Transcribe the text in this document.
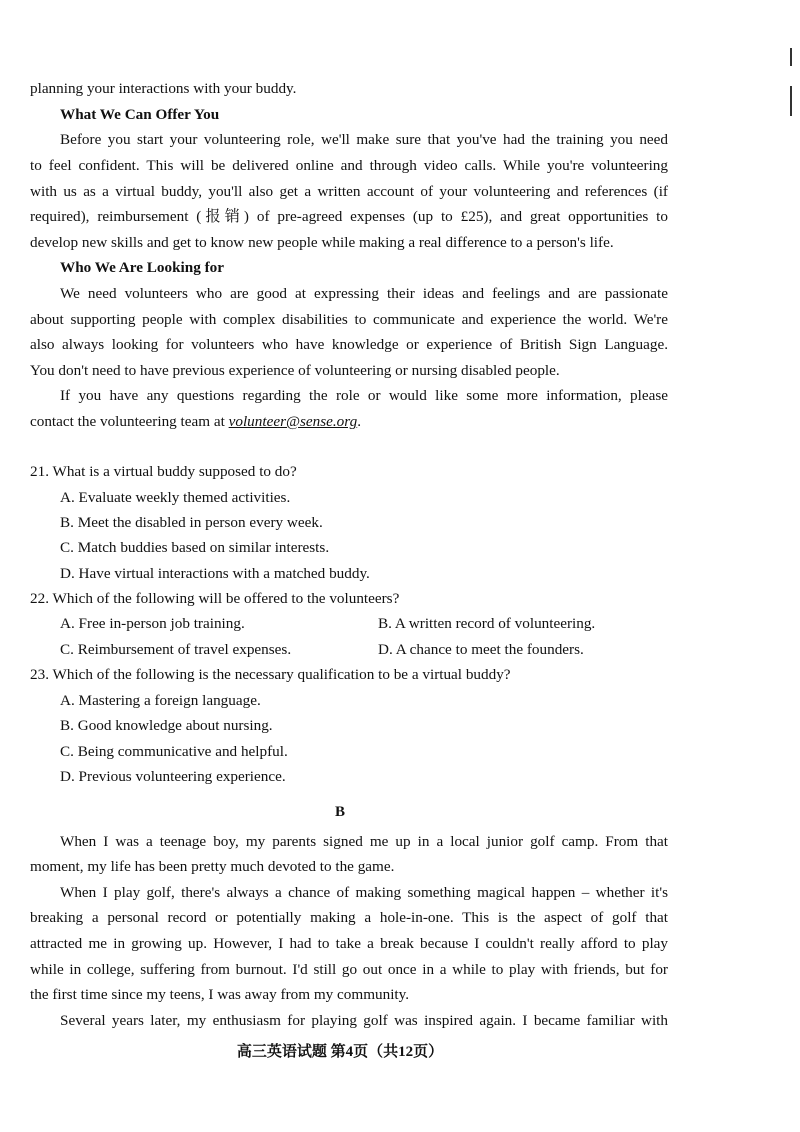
planning your interactions with your buddy.
What We Can Offer You
Before you start your volunteering role, we'll make sure that you've had the training you need
to feel confident. This will be delivered online and through video calls. While you're volunteering
with us as a virtual buddy, you'll also get a written account of your volunteering and references (if
required), reimbursement (报销) of pre-agreed expenses (up to £25), and great opportunities to
develop new skills and get to know new people while making a real difference to a person's life.
Who We Are Looking for
We need volunteers who are good at expressing their ideas and feelings and are passionate
about supporting people with complex disabilities to communicate and experience the world. We're
also always looking for volunteers who have knowledge or experience of British Sign Language.
You don't need to have previous experience of volunteering or nursing disabled people.
If you have any questions regarding the role or would like some more information, please
contact the volunteering team at volunteer@sense.org.
21. What is a virtual buddy supposed to do?
A. Evaluate weekly themed activities.
B. Meet the disabled in person every week.
C. Match buddies based on similar interests.
D. Have virtual interactions with a matched buddy.
22. Which of the following will be offered to the volunteers?
A. Free in-person job training.	B. A written record of volunteering.
C. Reimbursement of travel expenses.	D. A chance to meet the founders.
23. Which of the following is the necessary qualification to be a virtual buddy?
A. Mastering a foreign language.
B. Good knowledge about nursing.
C. Being communicative and helpful.
D. Previous volunteering experience.
B
When I was a teenage boy, my parents signed me up in a local junior golf camp. From that
moment, my life has been pretty much devoted to the game.
When I play golf, there's always a chance of making something magical happen – whether it's
breaking a personal record or potentially making a hole-in-one. This is the aspect of golf that
attracted me in growing up. However, I had to take a break because I couldn't really afford to play
while in college, suffering from burnout. I'd still go out once in a while to play with friends, but for
the first time since my teens, I was away from my community.
Several years later, my enthusiasm for playing golf was inspired again. I became familiar with
高三英语试题 第4页（共12页）
